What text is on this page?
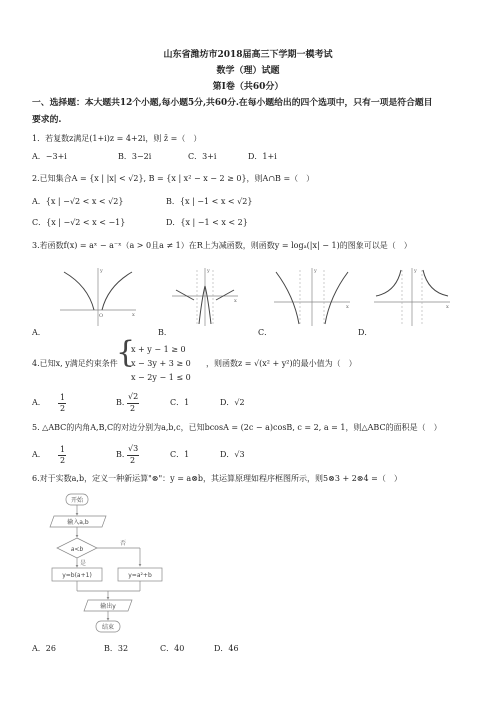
山东省潍坊市2018届高三下学期一模考试
数学（理）试题
第Ⅰ卷（共60分）
一、选择题：本大题共12个小题,每小题5分,共60分.在每小题给出的四个选项中，只有一项是符合题目
要求的.
1．若复数z满足(1+i)z = 4+2i，则 z̄ =（　）
A．−3+i	B．3−2i	C．3+i	D．1+i
2.已知集合A = {x | |x| < √2}, B = {x | x² − x − 2 ≥ 0}，则A∩B =（　）
A．{x | −√2 < x < √2}	B．{x | −1 < x < √2}
C．{x | −√2 < x < −1}	D．{x | −1 < x < 2}
3.若函数f(x) = aˣ − a⁻ˣ（a > 0且a ≠ 1）在R上为减函数，则函数y = logₐ(|x| − 1)的图象可以是（　）
y
x
O
y
x
y
x
y
x
A．	B．	C．	D．
4.已知x, y满足约束条件
{
x + y − 1 ≥ 0
x − 3y + 3 ≥ 0
x − 2y − 1 ≤ 0
，则函数z = √(x² + y²)的最小值为（　）
A．
1
2
B．
√2
2
C．1	D．√2
5. △ABC的内角A,B,C的对边分别为a,b,c，已知bcosA = (2c − a)cosB, c = 2, a = 1，则△ABC的面积是（　）
A．
1
2
B．
√3
2
C．1	D．√3
6.对于实数a,b，定义一种新运算"⊗"：y = a⊗b，其运算原理如程序框图所示，则5⊗3 + 2⊗4 =（　）
开始
输入a,b
a<b
否
是
y=b(a+1)	y=a²+b
输出y
结束
A．26	B．32	C．40	D．46
